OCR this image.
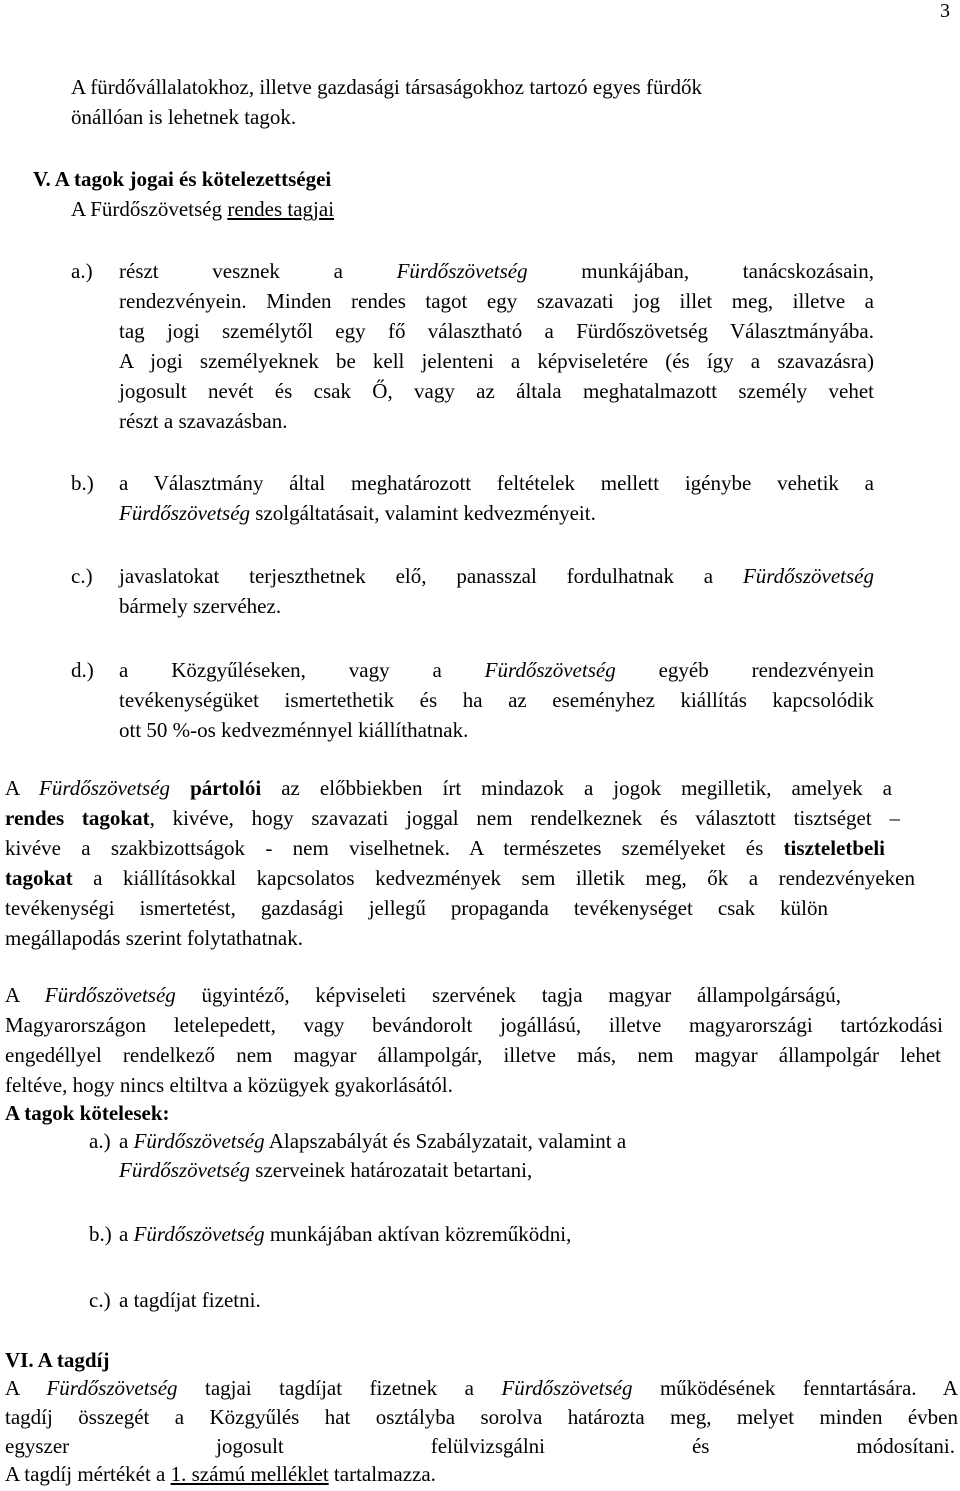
3
A fürdővállalatokhoz, illetve gazdasági társaságokhoz tartozó egyes fürdők
önállóan is lehetnek tagok.
V. A tagok jogai és kötelezettségei
A Fürdőszövetség rendes tagjai
a.) részt vesznek a	Fürdőszövetség	munkájában, tanácskozásain,
rendezvényein. Minden rendes tagot egy szavazati jog illet meg, illetve a
tag jogi személytől egy fő választható a Fürdőszövetség Választmányába.
A jogi személyeknek be kell jelenteni a képviseletére (és így a szavazásra)
jogosult nevét és csak Ő, vagy az általa meghatalmazott személy vehet
részt a szavazásban.
b.) a Választmány által meghatározott feltételek mellett igénybe vehetik a
Fürdőszövetség szolgáltatásait, valamint kedvezményeit.
c.) javaslatokat terjeszthetnek elő, panasszal fordulhatnak a Fürdőszövetség
bármely szervéhez.
d.) a Közgyűléseken, vagy a Fürdőszövetség egyéb rendezvényein
tevékenységüket ismertethetik és ha az eseményhez kiállítás kapcsolódik
ott 50 %-os kedvezménnyel kiállíthatnak.
A Fürdőszövetség pártolói az előbbiekben írt mindazok a jogok megilletik, amelyek a
rendes tagokat, kivéve, hogy szavazati joggal nem rendelkeznek és választott tisztséget –
kivéve a szakbizottságok - nem viselhetnek. A természetes személyeket és tiszteletbeli
tagokat a kiállításokkal kapcsolatos kedvezmények sem illetik meg, ők a rendezvényeken
tevékenységi ismertetést, gazdasági jellegű propaganda tevékenységet csak külön
megállapodás szerint folytathatnak.
A Fürdőszövetség ügyintéző, képviseleti szervének tagja magyar állampolgárságú,
Magyarországon letelepedett, vagy bevándorolt jogállású, illetve magyarországi tartózkodási
engedéllyel rendelkező nem magyar állampolgár, illetve más, nem magyar állampolgár lehet
feltéve, hogy nincs eltiltva a közügyek gyakorlásától.
A tagok kötelesek:
a.) a Fürdőszövetség Alapszabályát és Szabályzatait, valamint a
Fürdőszövetség szerveinek határozatait betartani,
b.) a Fürdőszövetség munkájában aktívan közreműködni,
c.) a tagdíjat fizetni.
VI. A tagdíj
A Fürdőszövetség tagjai tagdíjat fizetnek a Fürdőszövetség működésének fenntartására. A
tagdíj összegét a Közgyűlés hat osztályba sorolva határozta meg, melyet minden évben
egyszer jogosult felülvizsgálni és módosítani.
A tagdíj mértékét a 1. számú melléklet tartalmazza.
